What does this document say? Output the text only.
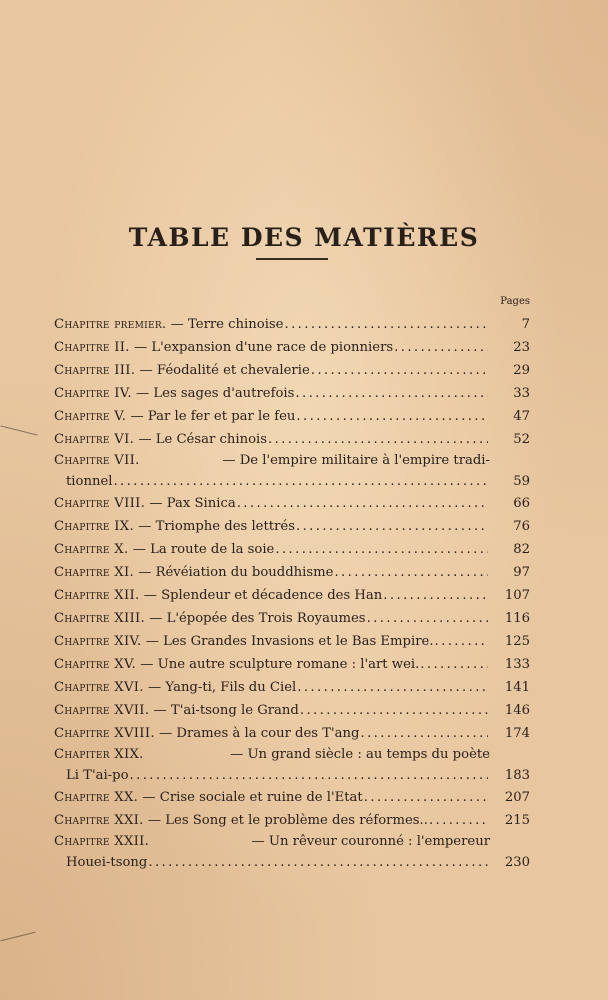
TABLE DES MATIÈRES
Pages
Chapitre premier.
— Terre chinoise .....	7
Chapitre II.
— L'expansion d'une race de pionniers .....	23
Chapitre III.
— Féodalité et chevalerie .....	29
Chapitre IV.
— Les sages d'autrefois .....	33
Chapitre V.
— Par le fer et par le feu .....	47
Chapitre VI.
— Le César chinois .....	52
Chapitre VII.
	— De l'empire militaire à l'empire tradi-
tionnel .....	59
Chapitre VIII.
— Pax Sinica .....	66
Chapitre IX.
— Triomphe des lettrés .....	76
Chapitre X.
— La route de la soie .....	82
Chapitre XI.
— Révéiation du bouddhisme .....	97
Chapitre XII.
— Splendeur et décadence des Han .....	107
Chapitre XIII.
— L'épopée des Trois Royaumes .....	116
Chapitre XIV.
— Les Grandes Invasions et le Bas Empire. .....	125
Chapitre XV.
— Une autre sculpture romane : l'art wei. .....	133
Chapitre XVI.
— Yang-ti, Fils du Ciel .....	141
Chapitre XVII.
— T'ai-tsong le Grand .....	146
Chapitre XVIII.
— Drames à la cour des T'ang .....	174
Chapiter XIX.
	— Un grand siècle : au temps du poète
Li T'ai-po .....	183
Chapitre XX.
— Crise sociale et ruine de l'Etat .....	207
Chapitre XXI.
— Les Song et le problème des réformes.. .....	215
Chapitre XXII.
	— Un rêveur couronné : l'empereur
Houei-tsong .....	230
